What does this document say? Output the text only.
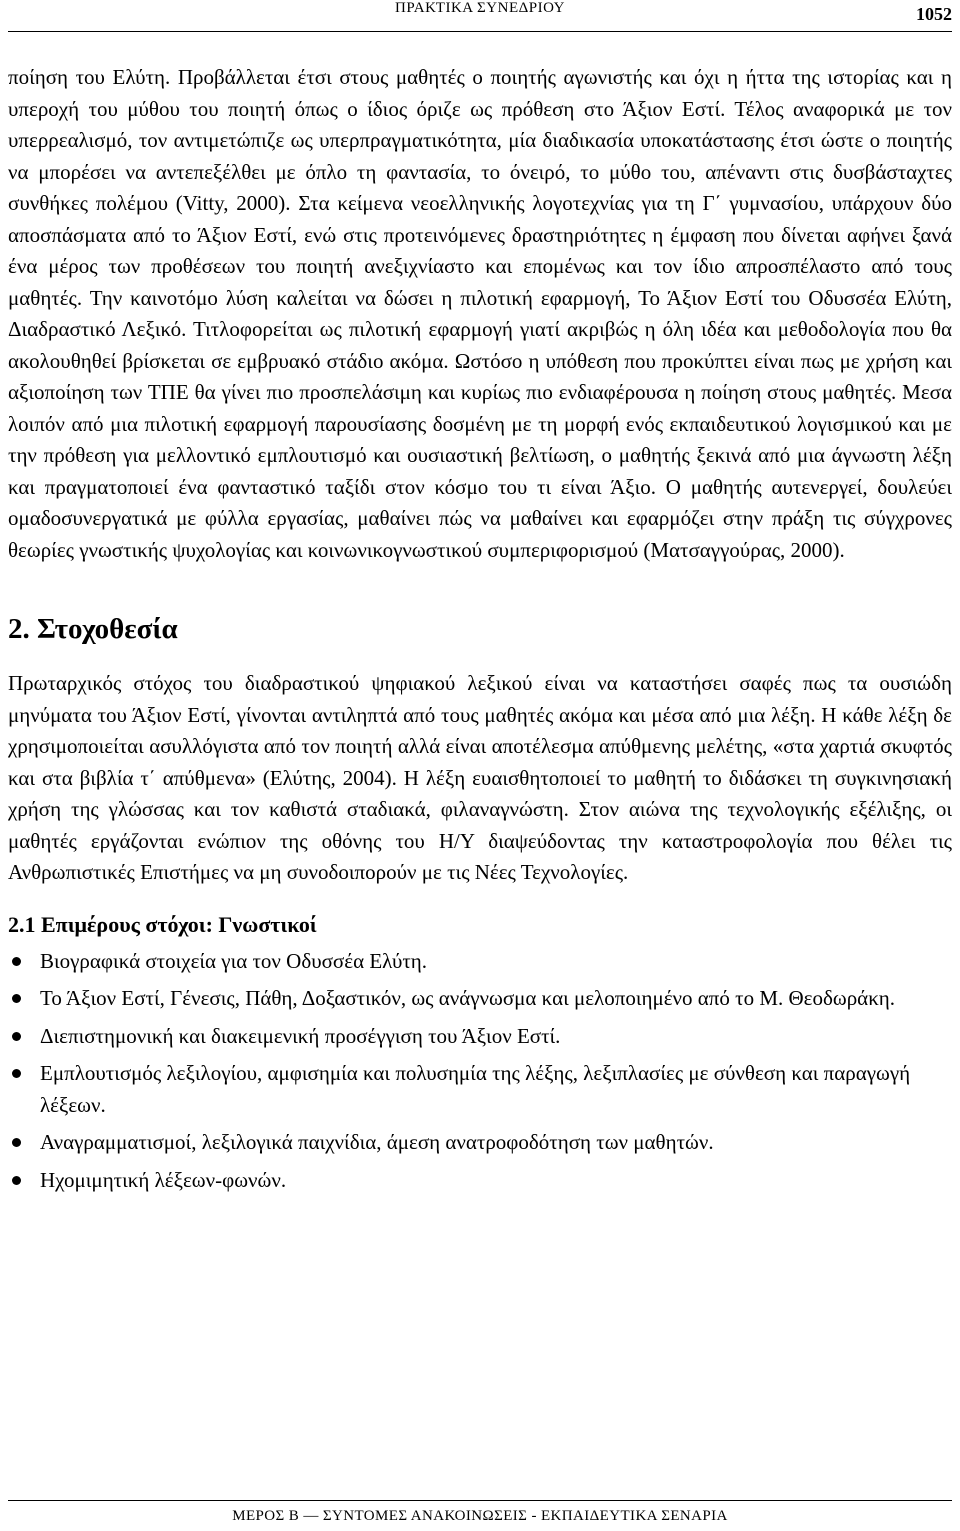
ΠΡΑΚΤΙΚΑ ΣΥΝΕΔΡΙΟΥ	1052

ποίηση του Ελύτη. Προβάλλεται έτσι στους μαθητές ο ποιητής αγωνιστής και όχι η ήττα της ιστορίας και η υπεροχή του μύθου του ποιητή όπως ο ίδιος όριζε ως πρόθεση στο Άξιον Εστί. Τέλος αναφορικά με τον υπερρεαλισμό, τον αντιμετώπιζε ως υπερπραγματικότητα, μία διαδικασία υποκατάστασης έτσι ώστε ο ποιητής να μπορέσει να αντεπεξέλθει με όπλο τη φαντασία, το όνειρό, το μύθο του, απέναντι στις δυσβάσταχτες συνθήκες πολέμου (Vitty, 2000). Στα κείμενα νεοελληνικής λογοτεχνίας για τη Γ΄ γυμνασίου, υπάρχουν δύο αποσπάσματα από το Άξιον Εστί, ενώ στις προτεινόμενες δραστηριότητες η έμφαση που δίνεται αφήνει ξανά ένα μέρος των προθέσεων του ποιητή ανεξιχνίαστο και επομένως και τον ίδιο απροσπέλαστο από τους μαθητές. Την καινοτόμο λύση καλείται να δώσει η πιλοτική εφαρμογή, Το Άξιον Εστί του Οδυσσέα Ελύτη, Διαδραστικό Λεξικό. Τιτλοφορείται ως πιλοτική εφαρμογή γιατί ακριβώς η όλη ιδέα και μεθοδολογία που θα ακολουθηθεί βρίσκεται σε εμβρυακό στάδιο ακόμα. Ωστόσο η υπόθεση που προκύπτει είναι πως με χρήση και αξιοποίηση των ΤΠΕ θα γίνει πιο προσπελάσιμη και κυρίως πιο ενδιαφέρουσα η ποίηση στους μαθητές. Μεσα λοιπόν από μια πιλοτική εφαρμογή παρουσίασης δοσμένη με τη μορφή ενός εκπαιδευτικού λογισμικού και με την πρόθεση για μελλοντικό εμπλουτισμό και ουσιαστική βελτίωση, ο μαθητής ξεκινά από μια άγνωστη λέξη και πραγματοποιεί ένα φανταστικό ταξίδι στον κόσμο του τι είναι Άξιο. Ο μαθητής αυτενεργεί, δουλεύει ομαδοσυνεργατικά με φύλλα εργασίας, μαθαίνει πώς να μαθαίνει και εφαρμόζει στην πράξη τις σύγχρονες θεωρίες γνωστικής ψυχολογίας και κοινωνικογνωστικού συμπεριφορισμού (Ματσαγγούρας, 2000).

2. Στοχοθεσία

Πρωταρχικός στόχος του διαδραστικού ψηφιακού λεξικού είναι να καταστήσει σαφές πως τα ουσιώδη μηνύματα του Άξιον Εστί, γίνονται αντιληπτά από τους μαθητές ακόμα και μέσα από μια λέξη. Η κάθε λέξη δε χρησιμοποιείται ασυλλόγιστα από τον ποιητή αλλά είναι αποτέλεσμα απύθμενης μελέτης, «στα χαρτιά σκυφτός και στα βιβλία τ΄ απύθμενα» (Ελύτης, 2004). Η λέξη ευαισθητοποιεί το μαθητή το διδάσκει τη συγκινησιακή χρήση της γλώσσας και τον καθιστά σταδιακά, φιλαναγνώστη. Στον αιώνα της τεχνολογικής εξέλιξης, οι μαθητές εργάζονται ενώπιον της οθόνης του Η/Υ διαψεύδοντας την καταστροφολογία που θέλει τις Ανθρωπιστικές Επιστήμες να μη συνοδοιπορούν με τις Νέες Τεχνολογίες.

2.1 Επιμέρους στόχοι: Γνωστικοί
Βιογραφικά στοιχεία για τον Οδυσσέα Ελύτη.
Το Άξιον Εστί, Γένεσις, Πάθη, Δοξαστικόν, ως ανάγνωσμα και μελοποιημένο από το Μ. Θεοδωράκη.
Διεπιστημονική και διακειμενική προσέγγιση του Άξιον Εστί.
Εμπλουτισμός λεξιλογίου, αμφισημία και πολυσημία της λέξης, λεξιπλασίες με σύνθεση και παραγωγή λέξεων.
Αναγραμματισμοί, λεξιλογικά παιχνίδια, άμεση ανατροφοδότηση των μαθητών.
Ηχομιμητική λέξεων-φωνών.
ΜΕΡΟΣ Β — ΣΥΝΤΟΜΕΣ ΑΝΑΚΟΙΝΩΣΕΙΣ - ΕΚΠΑΙΔΕΥΤΙΚΑ ΣΕΝΑΡΙΑ
